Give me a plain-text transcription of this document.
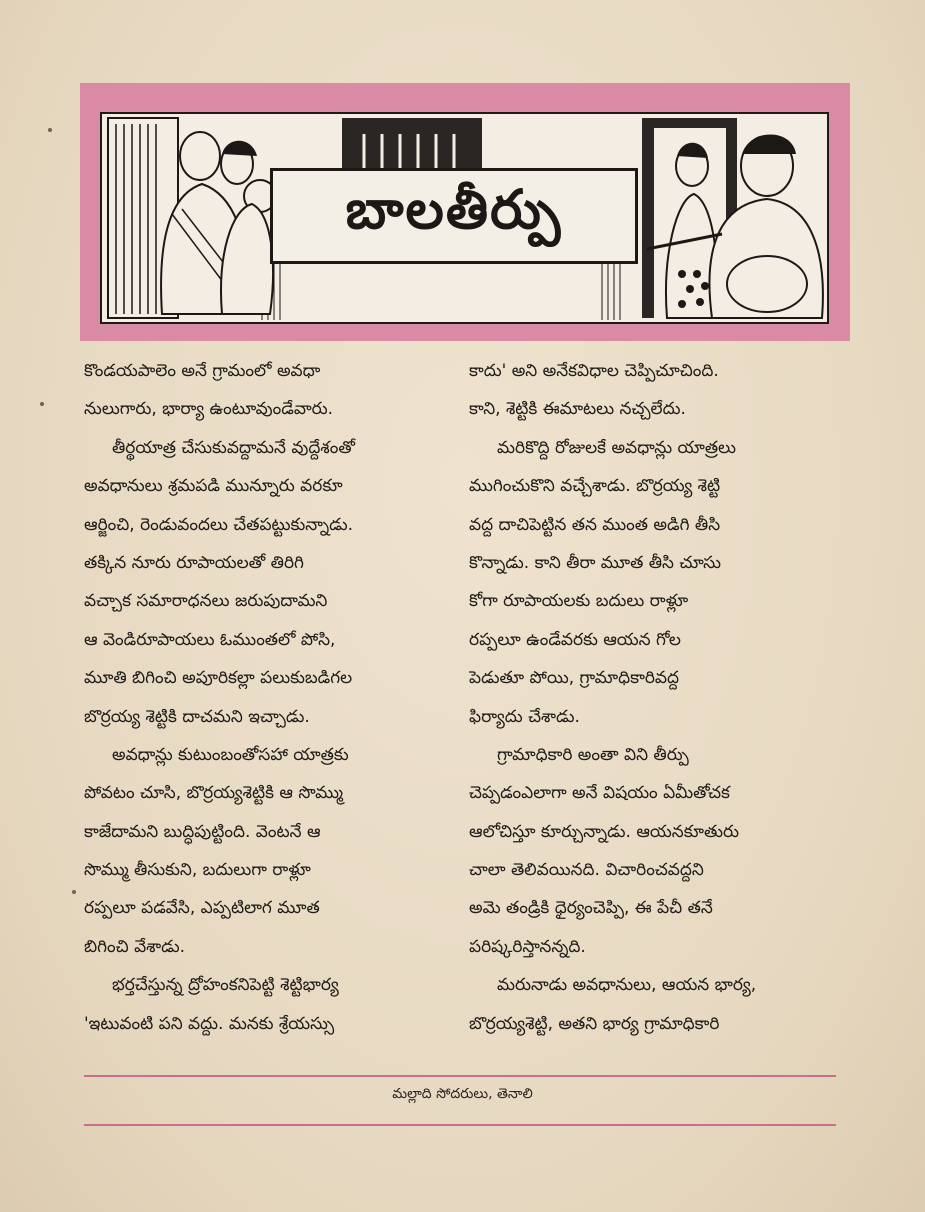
బాలతీర్పు
కొండయపాలెం అనే గ్రామంలో అవధా
నులుగారు, భార్యా ఉంటూవుండేవారు.
తీర్థయాత్ర చేసుకువద్దామనే వుద్దేశంతో
అవధానులు శ్రమపడి మున్నూరు వరకూ
ఆర్జించి, రెండువందలు చేతపట్టుకున్నాడు.
తక్కిన నూరు రూపాయలతో తిరిగి
వచ్చాక సమారాధనలు జరుపుదామని
ఆ వెండిరూపాయలు ఓముంతలో పోసి,
మూతి బిగించి అపూరికల్లా పలుకుబడిగల
బొర్రయ్య శెట్టికి దాచమని ఇచ్చాడు.
అవధాన్లు కుటుంబంతోసహా యాత్రకు
పోవటం చూసి, బొర్రయ్యశెట్టికి ఆ సొమ్ము
కాజేదామని బుద్ధిపుట్టింది. వెంటనే ఆ
సొమ్ము తీసుకుని, బదులుగా రాళ్లూ
రప్పలూ పడవేసి, ఎప్పటిలాగ మూత
బిగించి వేశాడు.
భర్తచేస్తున్న ద్రోహంకనిపెట్టి శెట్టిభార్య
'ఇటువంటి పని వద్దు. మనకు శ్రేయస్సు
కాదు' అని అనేకవిధాల చెప్పిచూచింది.
కాని, శెట్టికి ఈమాటలు నచ్చలేదు.
మరికొద్ది రోజులకే అవధాన్లు యాత్రలు
ముగించుకొని వచ్చేశాడు. బొర్రయ్య శెట్టి
వద్ద దాచిపెట్టిన తన ముంత అడిగి తీసి
కొన్నాడు. కాని తీరా మూత తీసి చూసు
కోగా రూపాయలకు బదులు రాళ్లూ
రప్పలూ ఉండేవరకు ఆయన గోల
పెడుతూ పోయి, గ్రామాధికారివద్ద
ఫిర్యాదు చేశాడు.
గ్రామాధికారి అంతా విని తీర్పు
చెప్పడంఎలాగా అనే విషయం ఏమీతోచక
ఆలోచిస్తూ కూర్చున్నాడు. ఆయనకూతురు
చాలా తెలివయినది. విచారించవద్దని
అమె తండ్రికి ధైర్యంచెప్పి, ఈ పేచీ తనే
పరిష్కరిస్తానన్నది.
మరునాడు అవధానులు, ఆయన భార్య,
బొర్రయ్యశెట్టి, అతని భార్య గ్రామాధికారి
మల్లాది సోదరులు, తెనాలి
